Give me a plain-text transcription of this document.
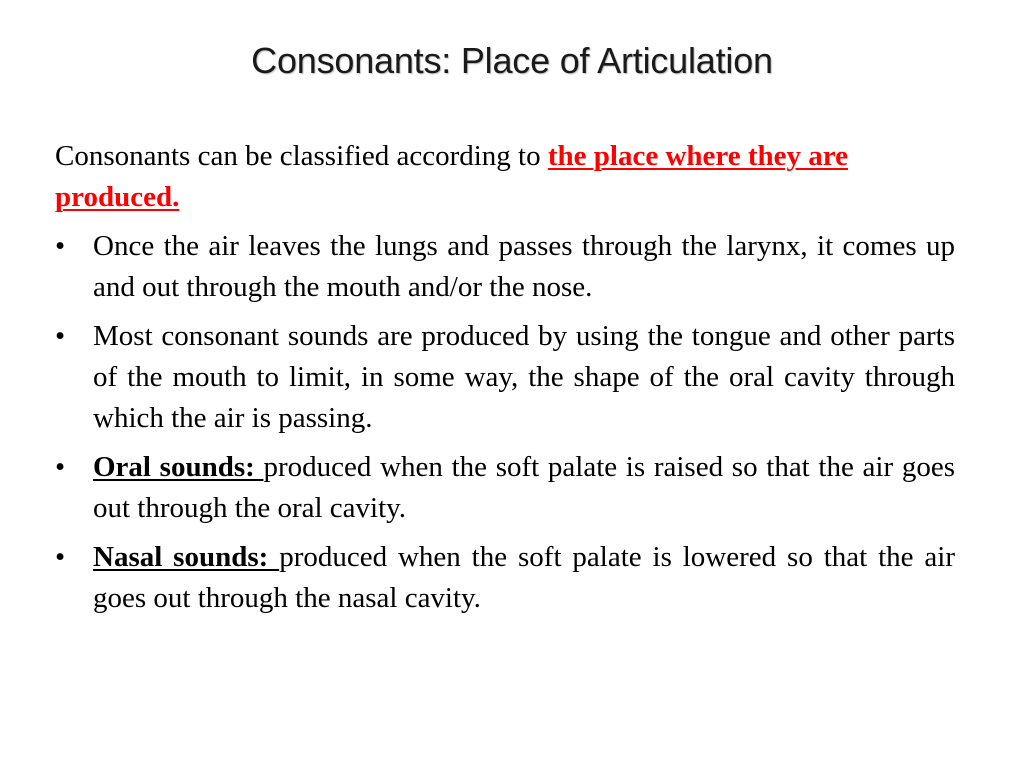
Consonants: Place of Articulation

Consonants can be classified according to the place where they are produced.

• Once the air leaves the lungs and passes through the larynx, it comes up and out through the mouth and/or the nose.
• Most consonant sounds are produced by using the tongue and other parts of the mouth to limit, in some way, the shape of the oral cavity through which the air is passing.
• Oral sounds: produced when the soft palate is raised so that the air goes out through the oral cavity.
• Nasal sounds: produced when the soft palate is lowered so that the air goes out through the nasal cavity.
